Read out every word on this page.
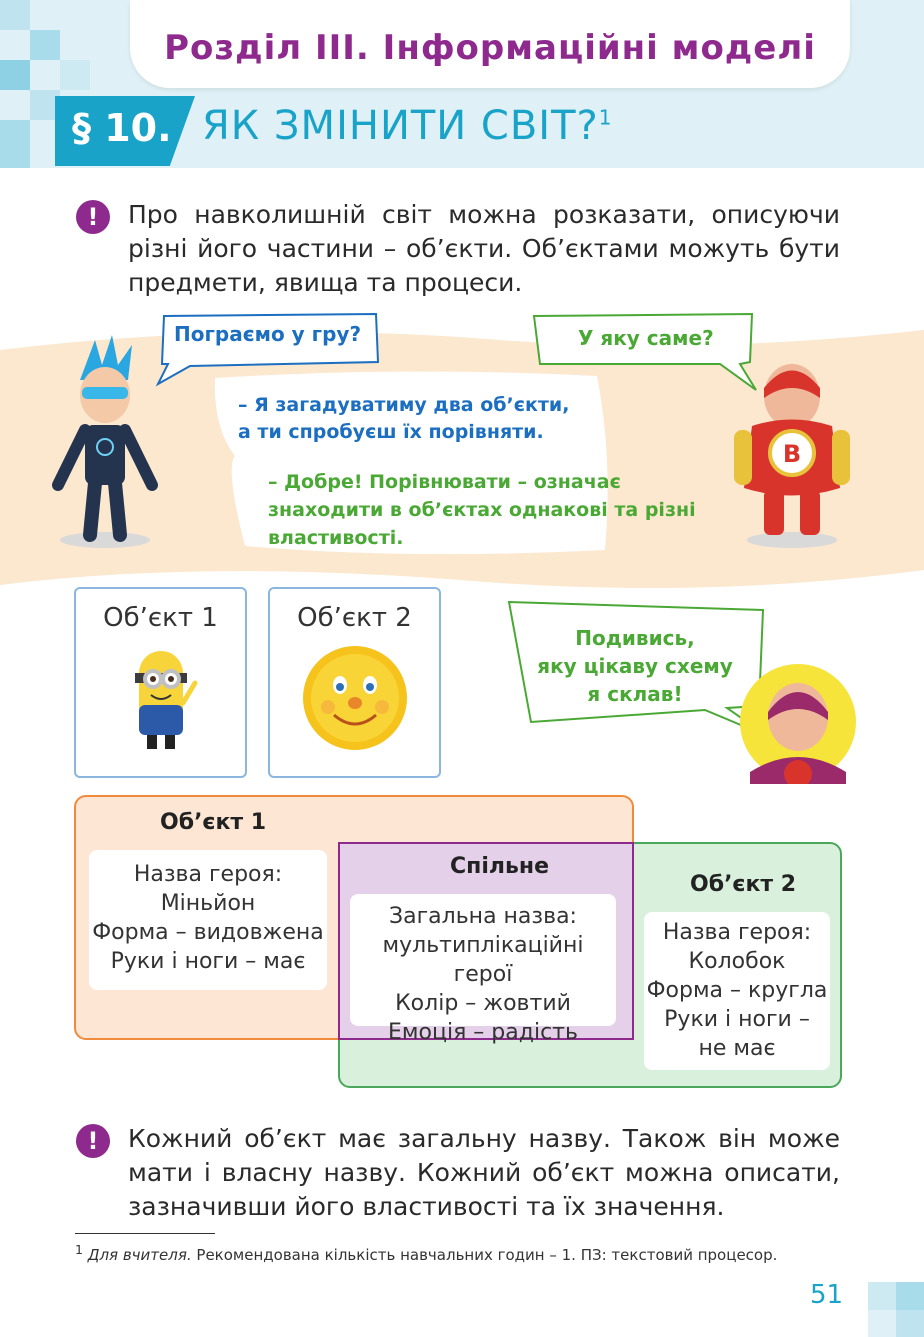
Розділ III. Інформаційні моделі
§ 10. ЯК ЗМІНИТИ СВІТ?$^1$
!	Про навколишній світ можна розказати, описуючи різні його частини – об’єкти. Об’єктами можуть бути предмети, явища та процеси.
Пограємо у гру?	У яку саме?
– Я загадуватиму два об’єкти,
а ти спробуєш їх порівняти.
– Добре! Порівнювати – означає
знаходити в об’єктах однакові та різні
властивості.
B
Об’єкт 1	Об’єкт 2
Подивись,
яку цікаву схему
я склав!
Об’єкт 1
Назва героя:
Міньйон
Форма – видовжена
Руки і ноги – має
Спільне
Загальна назва:
мультиплікаційні герої
Колір – жовтий
Емоція – радість
Об’єкт 2
Назва героя:
Колобок
Форма – кругла
Руки і ноги –
не має
!	Кожний об’єкт має загальну назву. Також він може мати і власну назву. Кожний об’єкт можна описати, зазначивши його властивості та їх значення.
$^1$ Для вчителя. Рекомендована кількість навчальних годин – 1. ПЗ: текстовий процесор.
51
